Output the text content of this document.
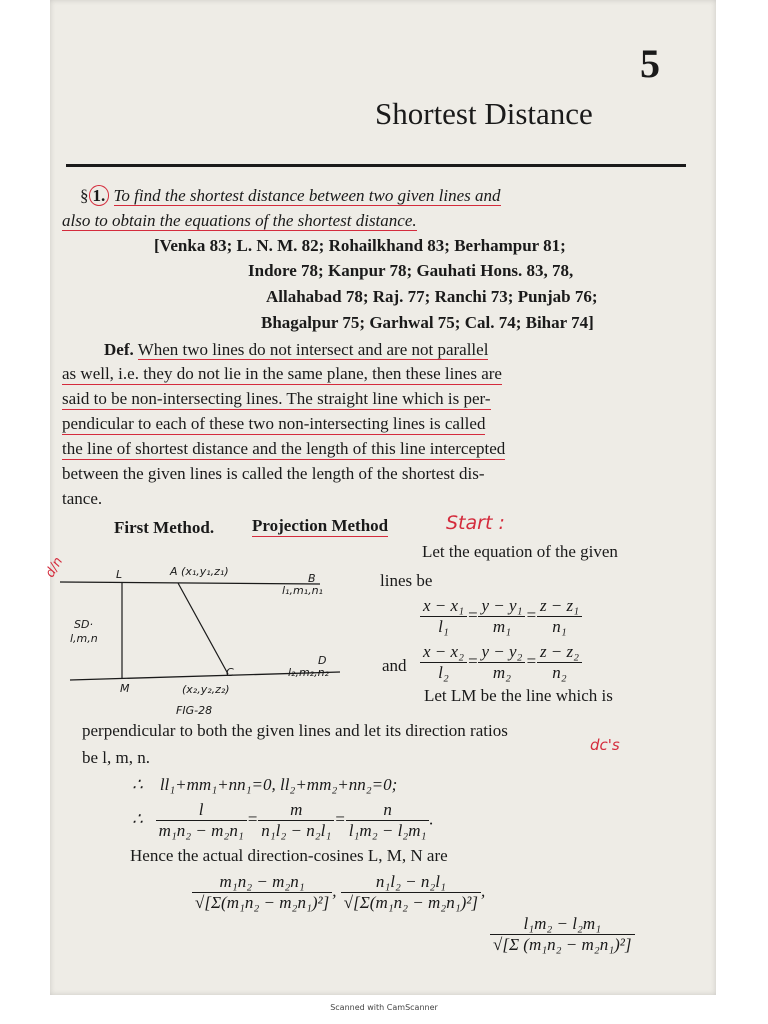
5
Shortest Distance
§ 1. To find the shortest distance between two given lines and
also to obtain the equations of the shortest distance.
[Venka 83; L. N. M. 82; Rohailkhand 83; Berhampur 81;
Indore 78; Kanpur 78; Gauhati Hons. 83, 78,
Allahabad 78; Raj. 77; Ranchi 73; Punjab 76;
Bhagalpur 75; Garhwal 75; Cal. 74; Bihar 74]
Def. When two lines do not intersect and are not parallel
as well, i.e. they do not lie in the same plane, then these lines are
said to be non-intersecting lines. The straight line which is per-
pendicular to each of these two non-intersecting lines is called
the line of shortest distance and the length of this line intercepted
between the given lines is called the length of the shortest dis-
tance.
First Method. Projection Method	Start :
d/n
Let the equation of the given
lines be
L	A (x₁,y₁,z₁)
B
l₁,m₁,n₁
SD·
l,m,n
D
l₂,m₂,n₂
C
M	(x₂,y₂,z₂)
FIG-28
$\frac{\text{x − x₁}}{\text{l₁}} = \frac{\text{y − y₁}}{\text{m₁}} = \frac{\text{z − z₁}}{\text{n₁}}$
and $\frac{\text{x − x₂}}{\text{l₂}} = \frac{\text{y − y₂}}{\text{m₂}} = \frac{\text{z − z₂}}{\text{n₂}}$
Let LM be the line which is
perpendicular to both the given lines and let its direction ratios
be l, m, n.
dc's
∴ ll₁+mm₁+nn₁=0, ll₂+mm₂+nn₂=0;
∴ $\frac{l}{\text{m₁n₂ − m₂n₁}} = \frac{m}{\text{n₁l₂ − n₂l₁}} = \frac{n}{\text{l₁m₂ − l₂m₁}}$ .
Hence the actual direction-cosines L, M, N are
$\frac{\text{m₁n₂ − m₂n₁}}{\text{√[Σ(m₁n₂ − m₂n₁)²]}}$ , $\frac{\text{n₁l₂ − n₂l₁}}{\text{√[Σ(m₁n₂ − m₂n₁)²]}}$ ,
$\frac{\text{l₁m₂ − l₂m₁}}{\text{√[Σ (m₁n₂ − m₂n₁)²]}}$
Scanned with CamScanner
